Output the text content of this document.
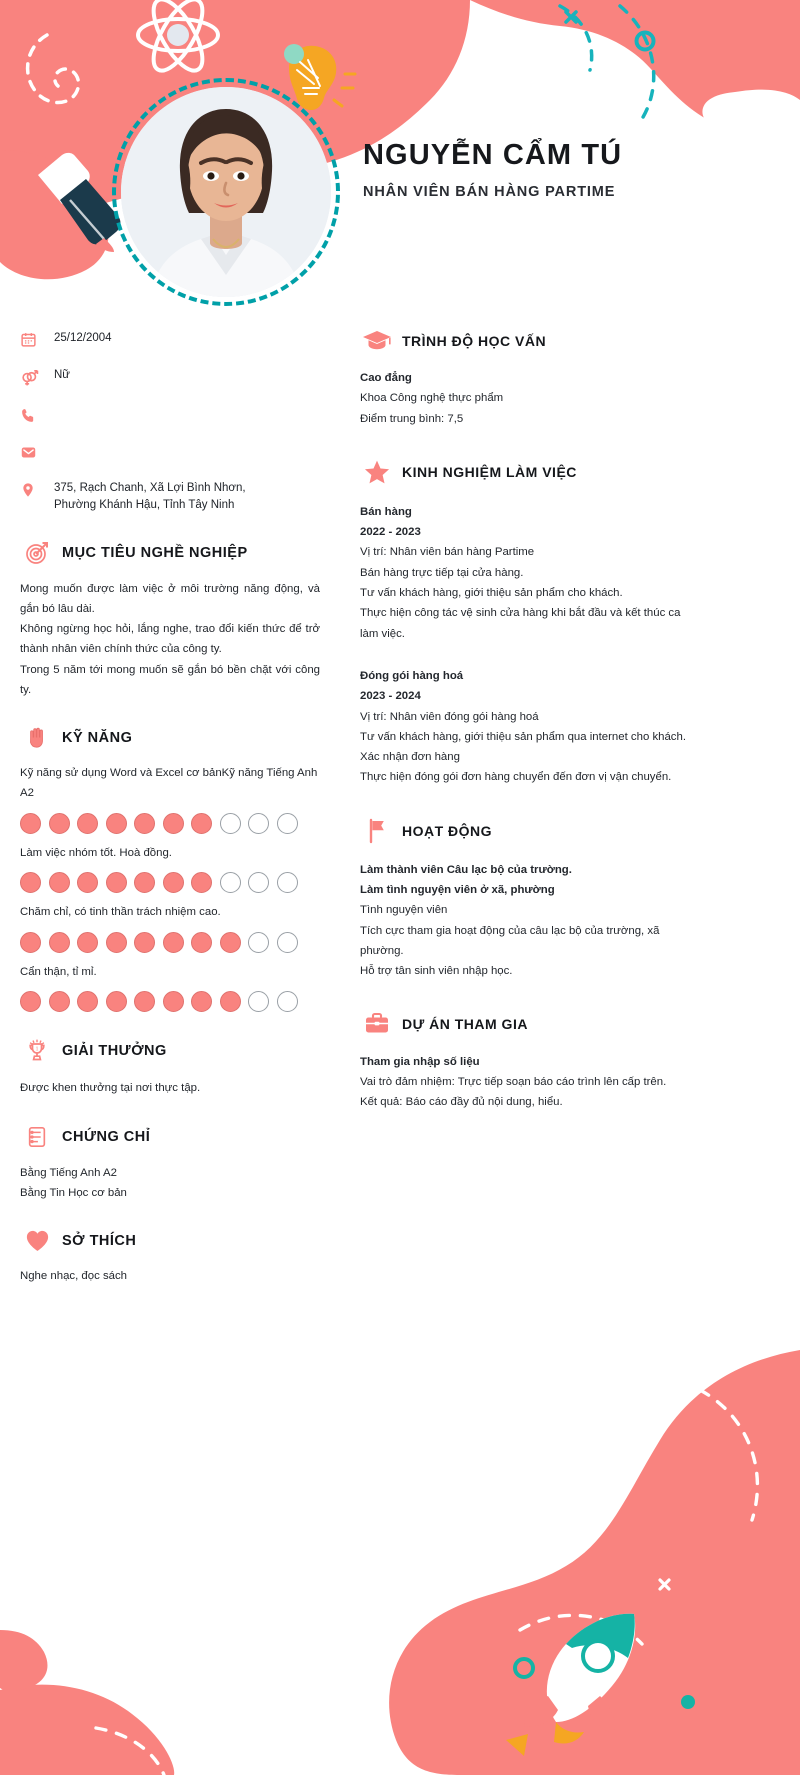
NGUYỄN CẨM TÚ
NHÂN VIÊN BÁN HÀNG PARTIME
25/12/2004
Nữ
375, Rạch Chanh, Xã Lợi Bình Nhơn, Phường Khánh Hậu, Tỉnh Tây Ninh
MỤC TIÊU NGHỀ NGHIỆP
Mong muốn được làm việc ở môi trường năng động, và gắn bó lâu dài.
Không ngừng học hỏi, lắng nghe, trao đổi kiến thức để trở thành nhân viên chính thức của công ty.
Trong 5 năm tới mong muốn sẽ gắn bó bền chặt với công ty.
KỸ NĂNG
Kỹ năng sử dụng Word và Excel cơ bảnKỹ năng Tiếng Anh A2
Làm việc nhóm tốt. Hoà đồng.
Chăm chỉ, có tinh thần trách nhiệm cao.
Cẩn thận, tỉ mỉ.
1	GIẢI THƯỞNG
Được khen thưởng tại nơi thực tập.
CHỨNG CHỈ
Bằng Tiếng Anh A2
Bằng Tin Học cơ bản
SỞ THÍCH
Nghe nhạc, đọc sách
TRÌNH ĐỘ HỌC VẤN
Cao đẳng
Khoa Công nghệ thực phẩm
Điểm trung bình: 7,5
KINH NGHIỆM LÀM VIỆC
Bán hàng
2022 - 2023
Vị trí: Nhân viên bán hàng Partime
Bán hàng trực tiếp tại cửa hàng.
Tư vấn khách hàng, giới thiệu sản phẩm cho khách.
Thực hiện công tác vệ sinh cửa hàng khi bắt đầu và kết thúc ca làm việc.
Đóng gói hàng hoá
2023 - 2024
Vị trí: Nhân viên đóng gói hàng hoá
Tư vấn khách hàng, giới thiệu sản phẩm qua internet cho khách.
Xác nhận đơn hàng
Thực hiện đóng gói đơn hàng chuyển đến đơn vị vận chuyển.
HOẠT ĐỘNG
Làm thành viên Câu lạc bộ của trường.
Làm tình nguyện viên ở xã, phường
Tình nguyện viên
Tích cực tham gia hoạt động của câu lạc bộ của trường, xã phường.
Hỗ trợ tân sinh viên nhập học.
DỰ ÁN THAM GIA
Tham gia nhập số liệu
Vai trò đảm nhiệm: Trực tiếp soạn báo cáo trình lên cấp trên.
Kết quả: Báo cáo đầy đủ nội dung, hiểu.
